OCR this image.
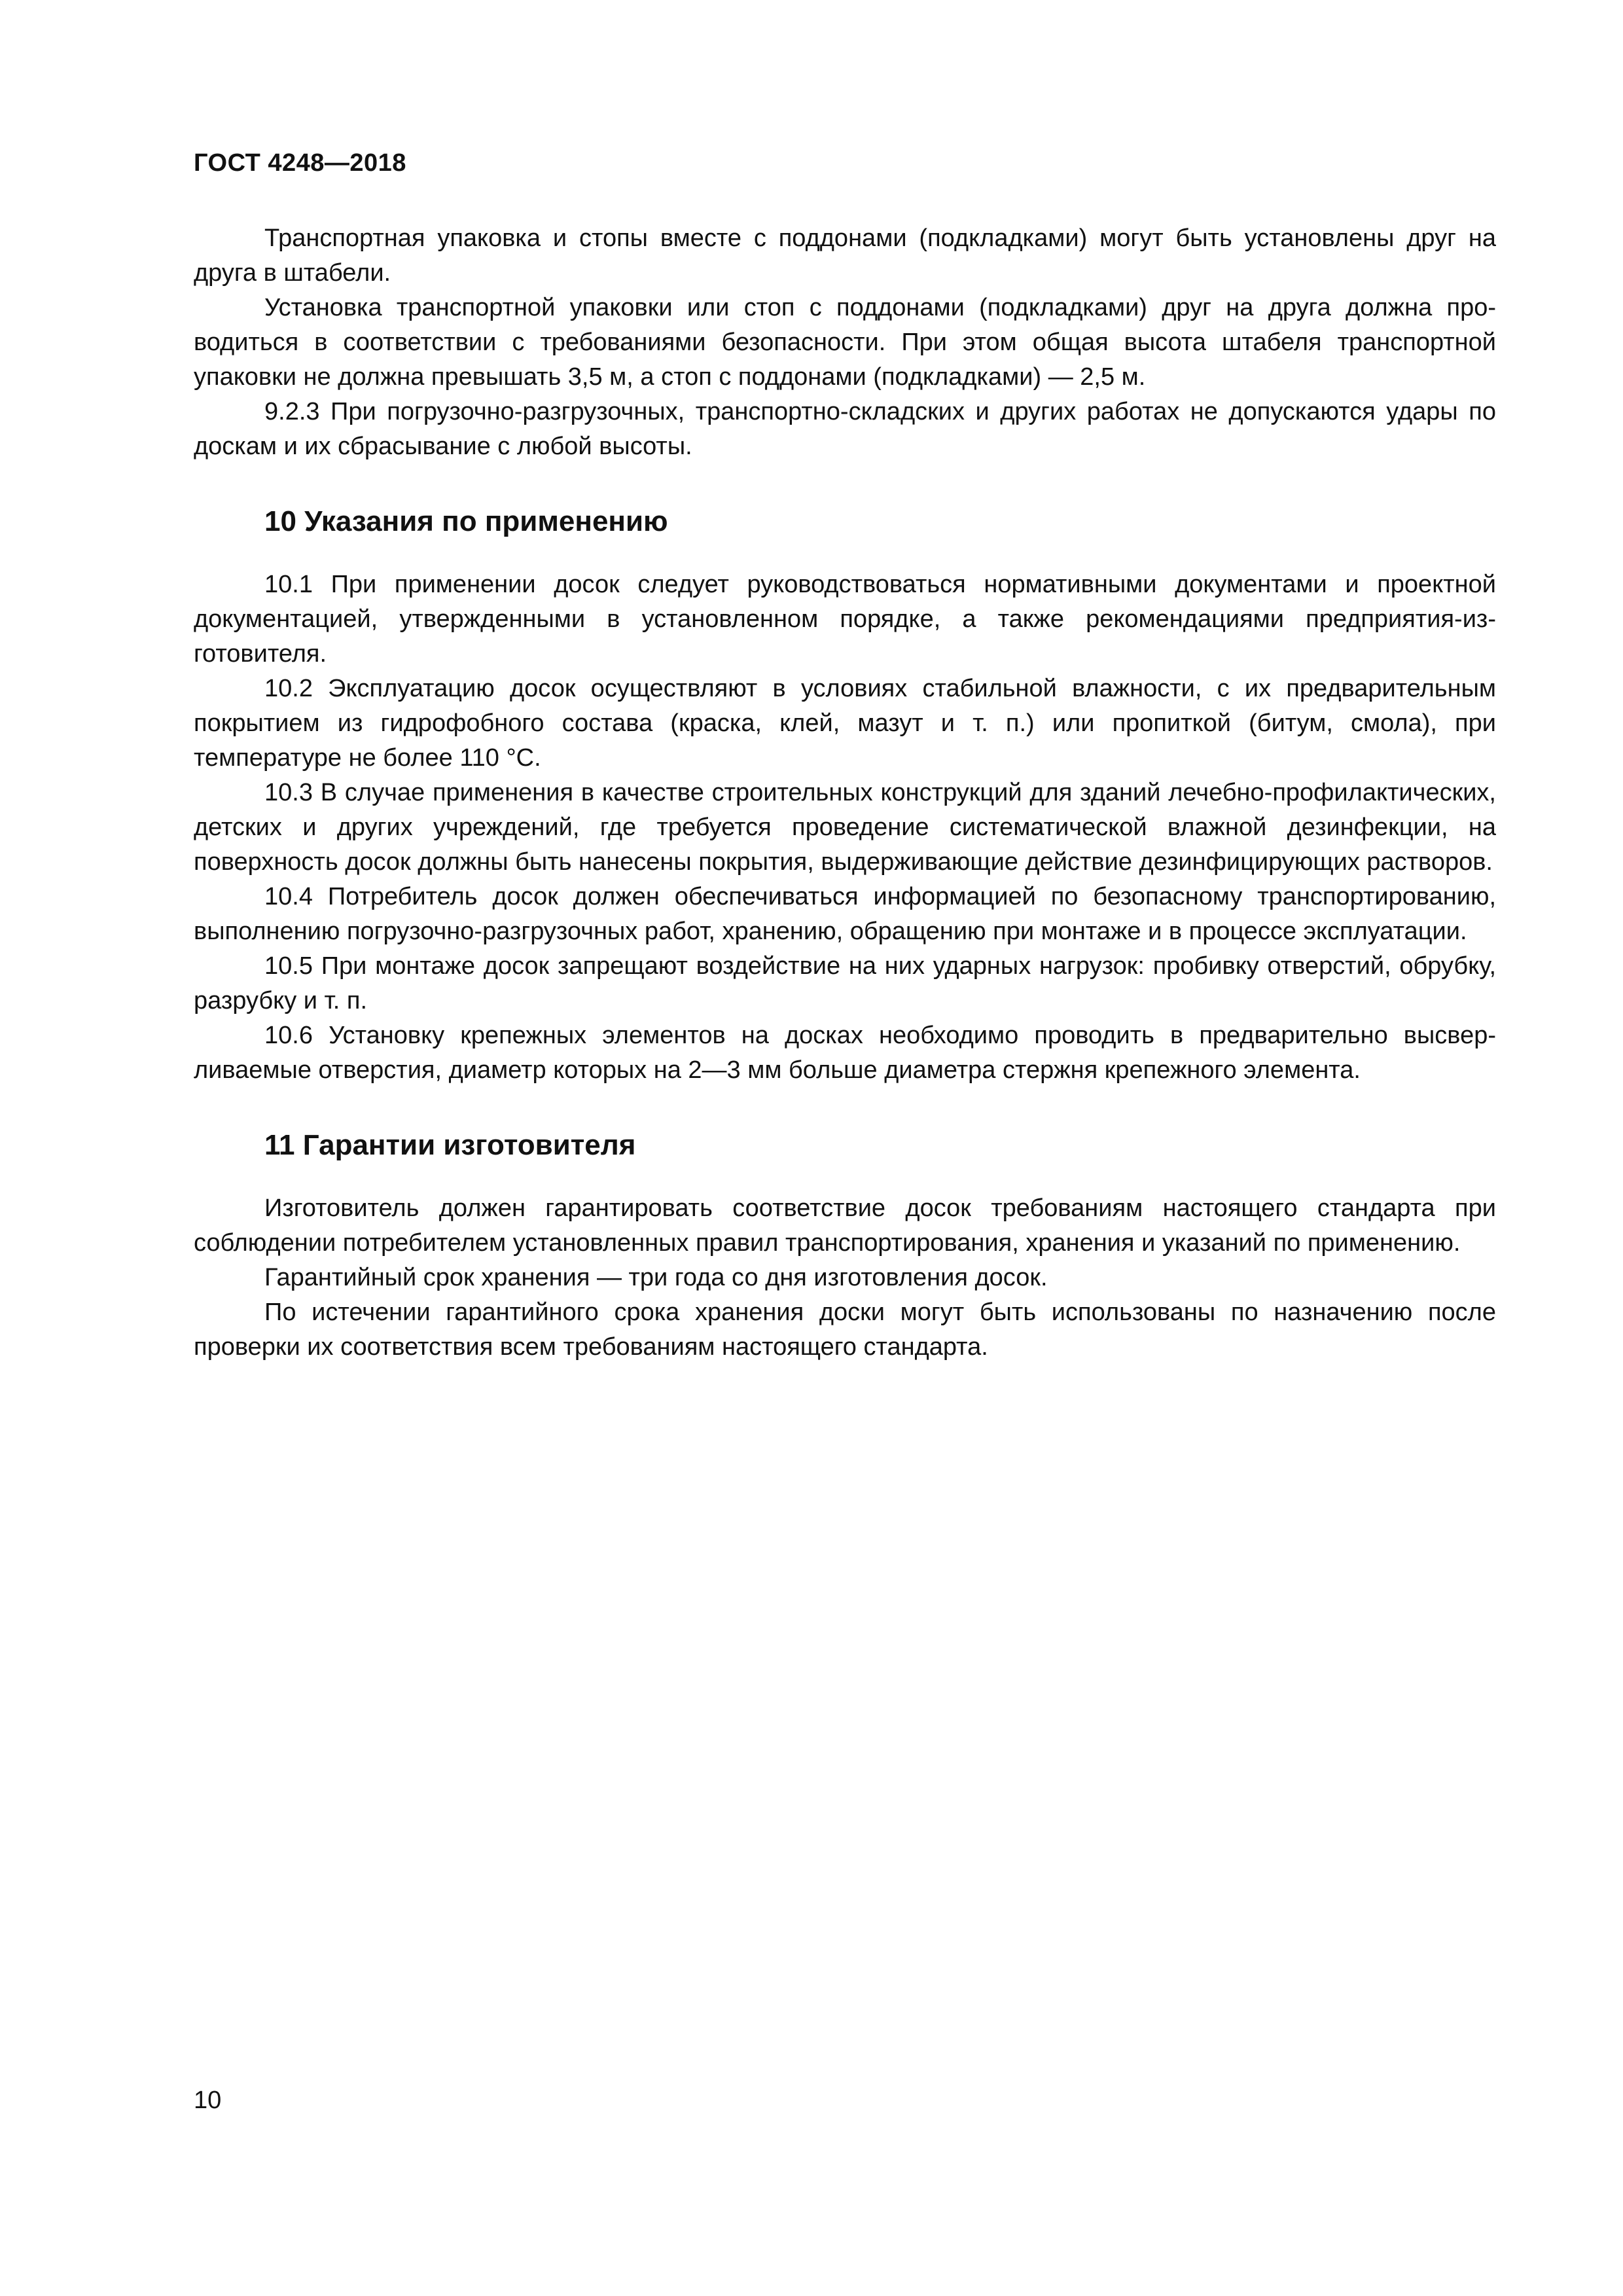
ГОСТ 4248—2018

Транспортная упаковка и стопы вместе с поддонами (подкладками) могут быть установлены друг на друга в штабели.

Установка транспортной упаковки или стоп с поддонами (подкладками) друг на друга должна проводиться в соответствии с требованиями безопасности. При этом общая высота штабеля транспортной упаковки не должна превышать 3,5 м, а стоп с поддонами (подкладками) — 2,5 м.

9.2.3 При погрузочно-разгрузочных, транспортно-складских и других работах не допускаются удары по доскам и их сбрасывание с любой высоты.

10 Указания по применению

10.1 При применении досок следует руководствоваться нормативными документами и проектной документацией, утвержденными в установленном порядке, а также рекомендациями предприятия-изготовителя.

10.2 Эксплуатацию досок осуществляют в условиях стабильной влажности, с их предварительным покрытием из гидрофобного состава (краска, клей, мазут и т. п.) или пропиткой (битум, смола), при температуре не более 110 °С.

10.3 В случае применения в качестве строительных конструкций для зданий лечебно-профилактических, детских и других учреждений, где требуется проведение систематической влажной дезинфекции, на поверхность досок должны быть нанесены покрытия, выдерживающие действие дезинфицирующих растворов.

10.4 Потребитель досок должен обеспечиваться информацией по безопасному транспортированию, выполнению погрузочно-разгрузочных работ, хранению, обращению при монтаже и в процессе эксплуатации.

10.5 При монтаже досок запрещают воздействие на них ударных нагрузок: пробивку отверстий, обрубку, разрубку и т. п.

10.6 Установку крепежных элементов на досках необходимо проводить в предварительно высверливаемые отверстия, диаметр которых на 2—3 мм больше диаметра стержня крепежного элемента.

11 Гарантии изготовителя

Изготовитель должен гарантировать соответствие досок требованиям настоящего стандарта при соблюдении потребителем установленных правил транспортирования, хранения и указаний по применению.

Гарантийный срок хранения — три года со дня изготовления досок.

По истечении гарантийного срока хранения доски могут быть использованы по назначению после проверки их соответствия всем требованиям настоящего стандарта.

10
